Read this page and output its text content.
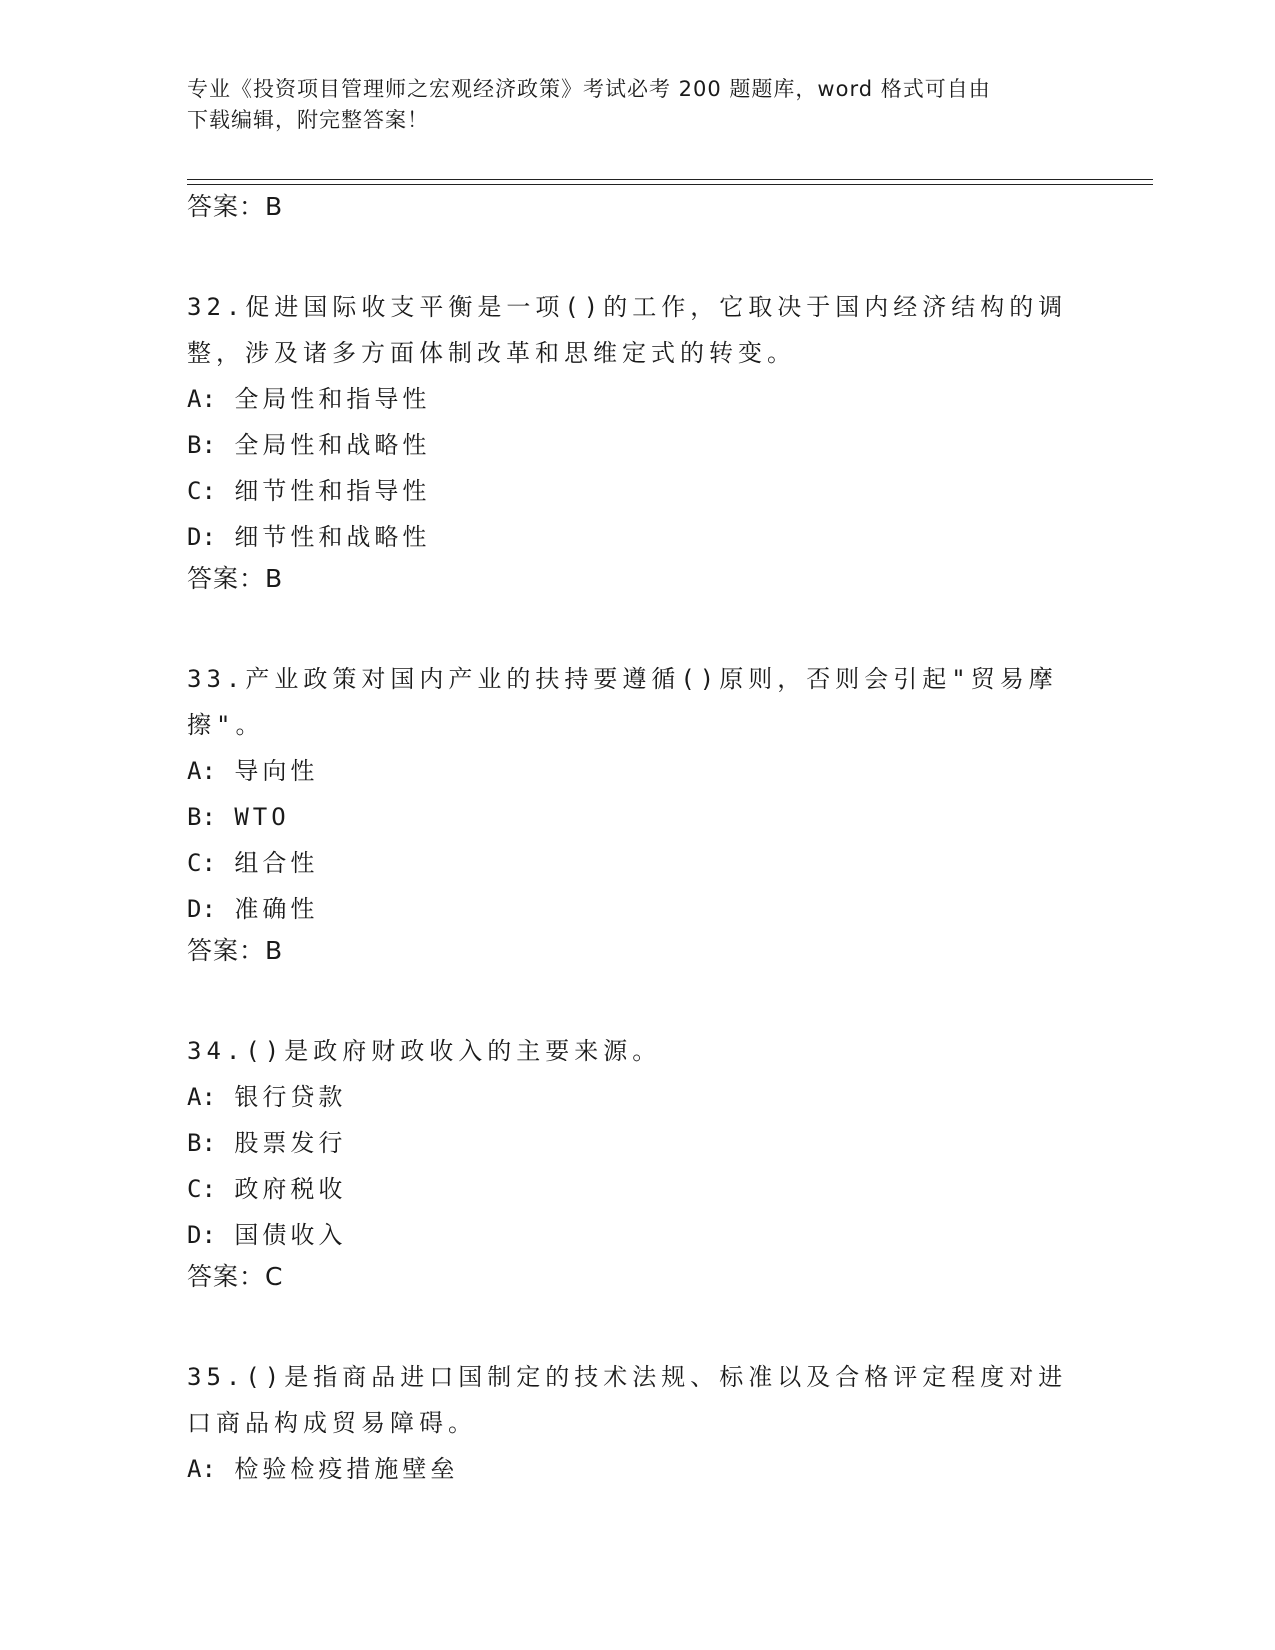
专业《投资项目管理师之宏观经济政策》考试必考 200 题题库，word 格式可自由
下载编辑，附完整答案！
答案：B
32.促进国际收支平衡是一项()的工作，它取决于国内经济结构的调整，涉及诸多方面体制改革和思维定式的转变。
A: 全局性和指导性
B: 全局性和战略性
C: 细节性和指导性
D: 细节性和战略性
答案：B
33.产业政策对国内产业的扶持要遵循()原则，否则会引起"贸易摩擦"。
A: 导向性
B: WTO
C: 组合性
D: 准确性
答案：B
34.()是政府财政收入的主要来源。
A: 银行贷款
B: 股票发行
C: 政府税收
D: 国债收入
答案：C
35.()是指商品进口国制定的技术法规、标准以及合格评定程度对进口商品构成贸易障碍。
A: 检验检疫措施壁垒
